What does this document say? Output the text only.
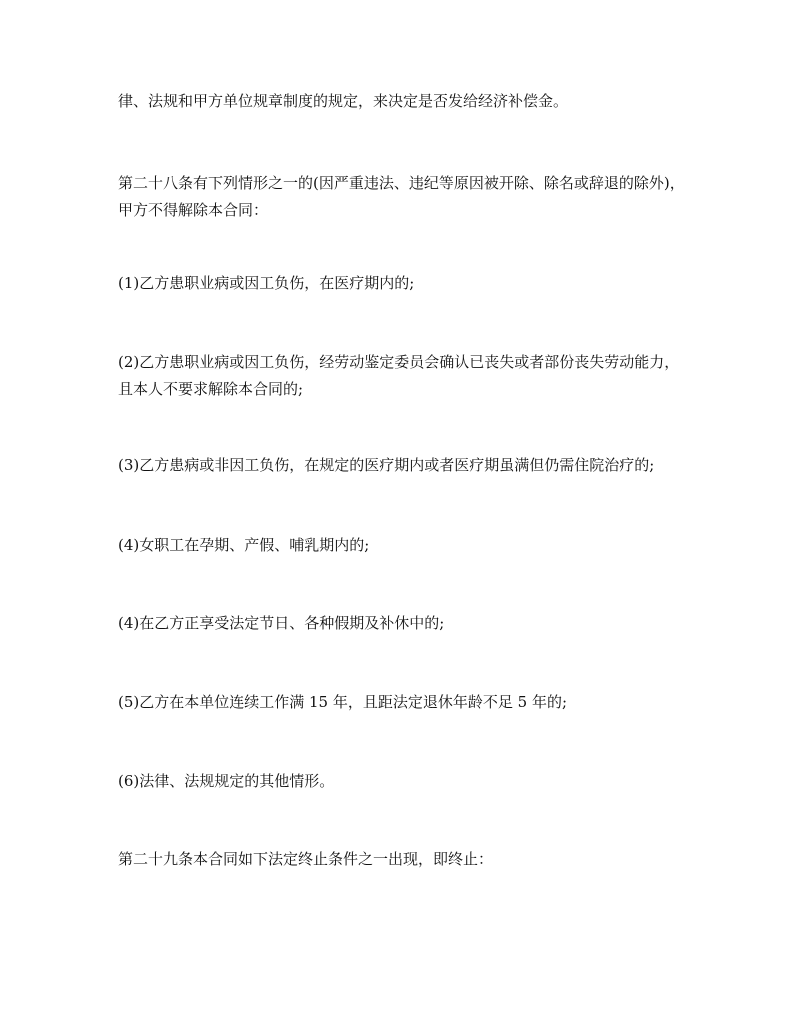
律、法规和甲方单位规章制度的规定，来决定是否发给经济补偿金。

第二十八条有下列情形之一的(因严重违法、违纪等原因被开除、除名或辞退的除外)，甲方不得解除本合同：

(1)乙方患职业病或因工负伤，在医疗期内的;

(2)乙方患职业病或因工负伤，经劳动鉴定委员会确认已丧失或者部份丧失劳动能力，且本人不要求解除本合同的;

(3)乙方患病或非因工负伤，在规定的医疗期内或者医疗期虽满但仍需住院治疗的;

(4)女职工在孕期、产假、哺乳期内的;

(4)在乙方正享受法定节日、各种假期及补休中的;

(5)乙方在本单位连续工作满 15 年，且距法定退休年龄不足 5 年的;

(6)法律、法规规定的其他情形。

第二十九条本合同如下法定终止条件之一出现，即终止：
